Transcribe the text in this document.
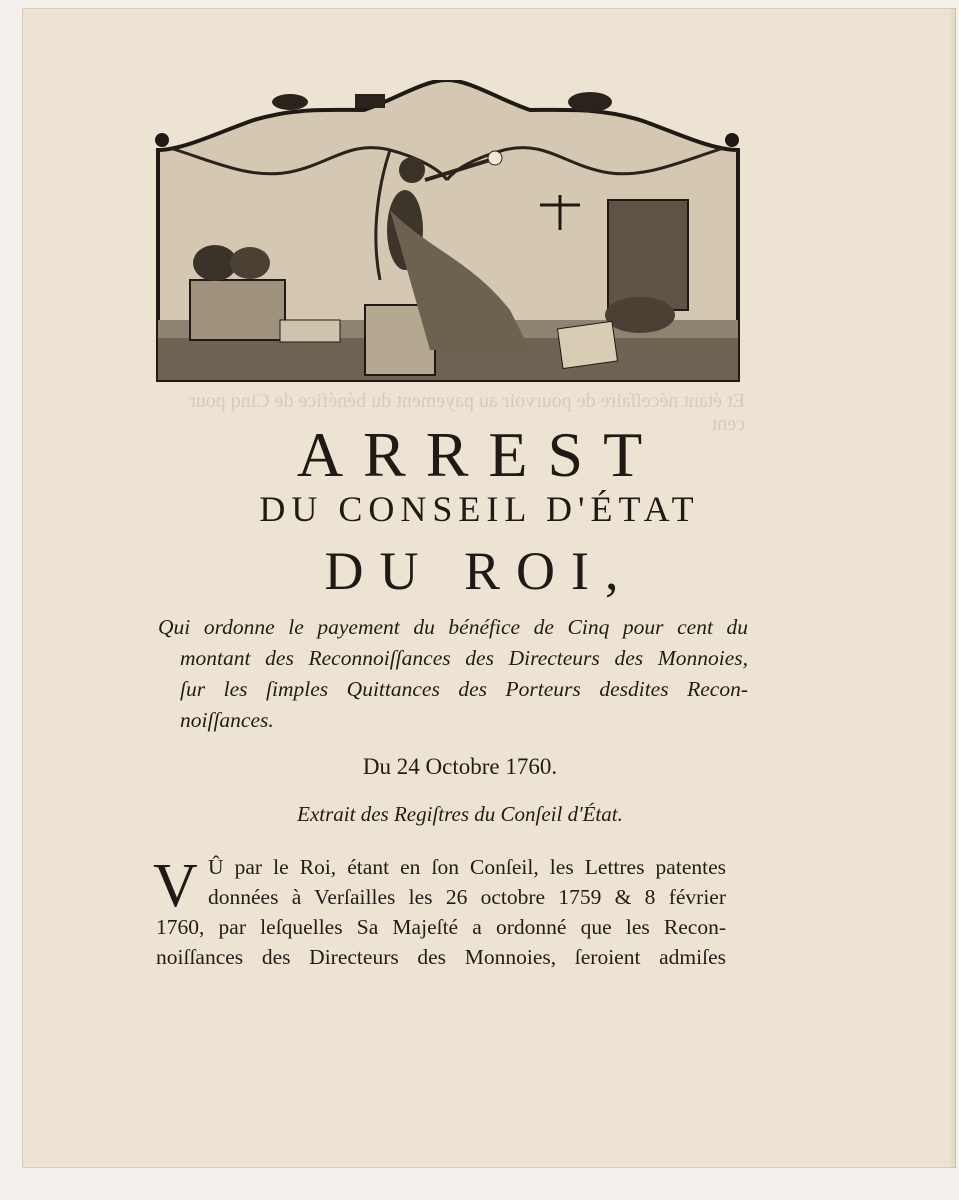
Et étant néceſſaire de pourvoir au payement du bénéfice de Cinq pour cent
ARREST
DU CONSEIL D'ÉTAT
DU ROI,
Qui ordonne le payement du bénéfice de Cinq pour cent du
montant des Reconnoiſſances des Directeurs des Monnoies,
ſur les ſimples Quittances des Porteurs desdites Recon-
noiſſances.
Du 24 Octobre 1760.
Extrait des Regiſtres du Conſeil d'État.
V Û par le Roi, étant en ſon Conſeil, les Lettres patentes
données à Verſailles les 26 octobre 1759 & 8 février
1760, par leſquelles Sa Majeſté a ordonné que les Recon-
noiſſances des Directeurs des Monnoies, ſeroient admiſes
